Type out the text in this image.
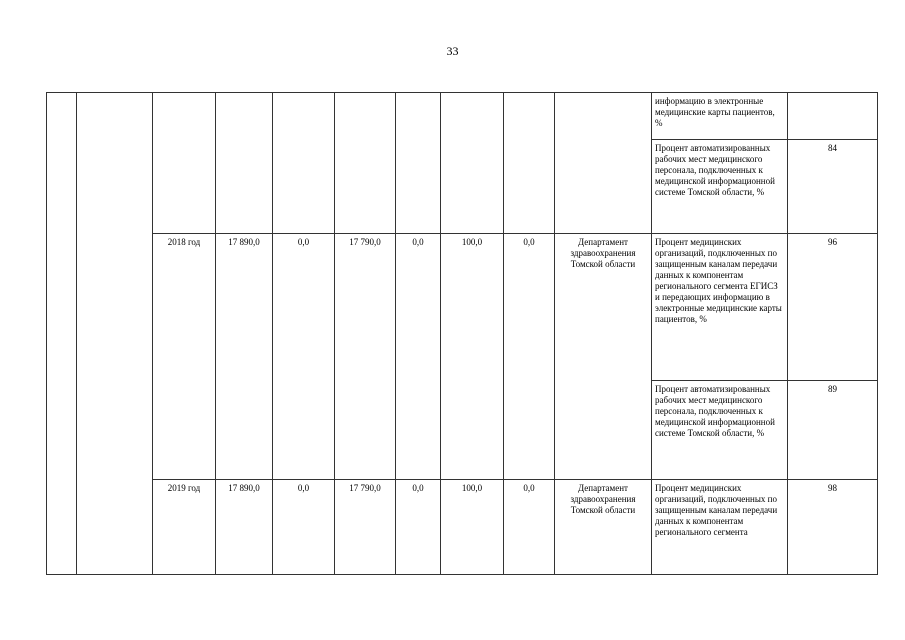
33
										информацию в электронные медицинские карты пациентов, %	
										Процент автоматизированных рабочих мест медицинского персонала, подключенных к медицинской информационной системе Томской области, %	84
		2018 год	17 890,0	0,0	17 790,0	0,0	100,0	0,0	Департамент здравоохранения Томской области	Процент медицинских организаций, подключенных по защищенным каналам передачи данных к компонентам регионального сегмента ЕГИСЗ и передающих информацию в электронные медицинские карты пациентов, %	96
										Процент автоматизированных рабочих мест медицинского персонала, подключенных к медицинской информационной системе Томской области, %	89
		2019 год	17 890,0	0,0	17 790,0	0,0	100,0	0,0	Департамент здравоохранения Томской области	Процент медицинских организаций, подключенных по защищенным каналам передачи данных к компонентам регионального сегмента	98
